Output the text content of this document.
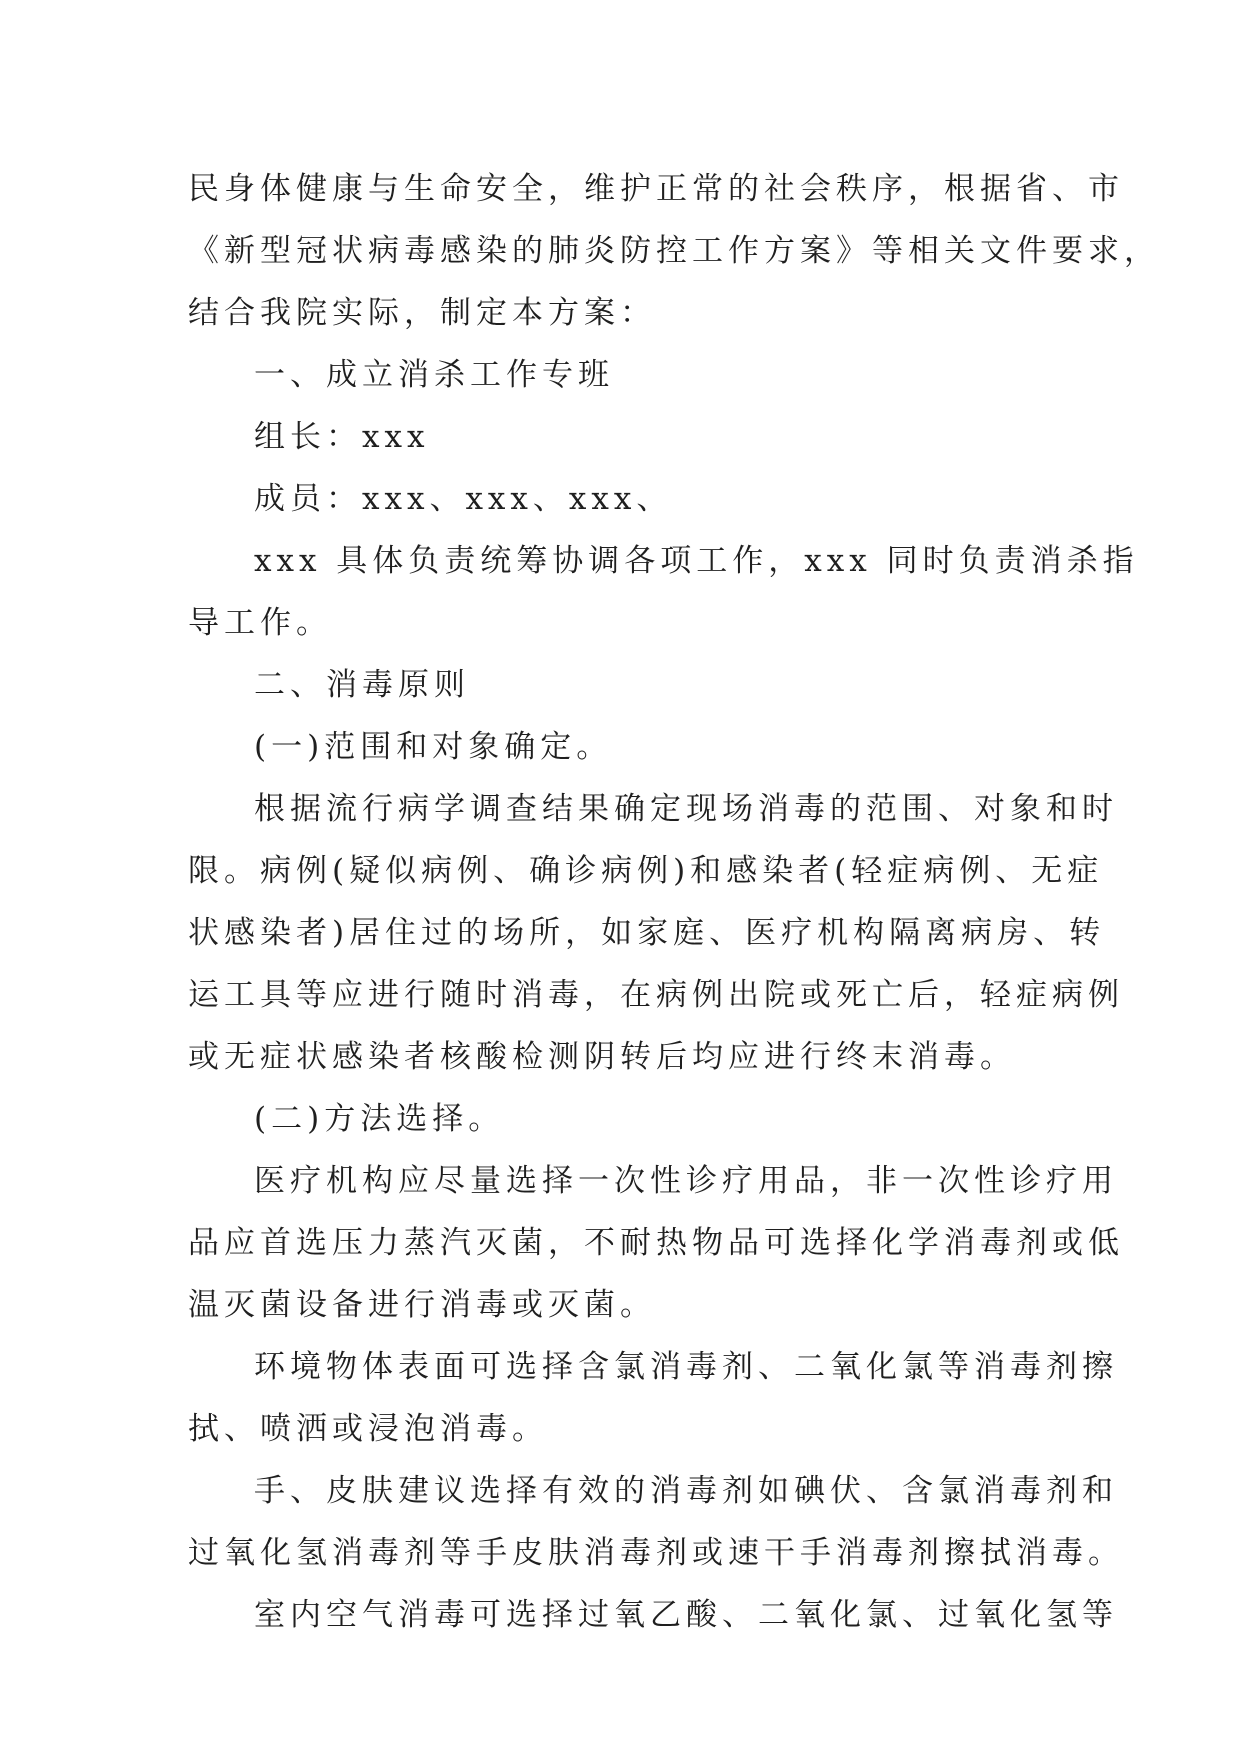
民身体健康与生命安全，维护正常的社会秩序，根据省、市
《新型冠状病毒感染的肺炎防控工作方案》等相关文件要求，
结合我院实际，制定本方案：
一、成立消杀工作专班
组长：xxx
成员：xxx、xxx、xxx、
xxx 具体负责统筹协调各项工作，xxx 同时负责消杀指
导工作。
二、消毒原则
(一)范围和对象确定。
根据流行病学调查结果确定现场消毒的范围、对象和时
限。病例(疑似病例、确诊病例)和感染者(轻症病例、无症
状感染者)居住过的场所，如家庭、医疗机构隔离病房、转
运工具等应进行随时消毒，在病例出院或死亡后，轻症病例
或无症状感染者核酸检测阴转后均应进行终末消毒。
(二)方法选择。
医疗机构应尽量选择一次性诊疗用品，非一次性诊疗用
品应首选压力蒸汽灭菌，不耐热物品可选择化学消毒剂或低
温灭菌设备进行消毒或灭菌。
环境物体表面可选择含氯消毒剂、二氧化氯等消毒剂擦
拭、喷洒或浸泡消毒。
手、皮肤建议选择有效的消毒剂如碘伏、含氯消毒剂和
过氧化氢消毒剂等手皮肤消毒剂或速干手消毒剂擦拭消毒。
室内空气消毒可选择过氧乙酸、二氧化氯、过氧化氢等
